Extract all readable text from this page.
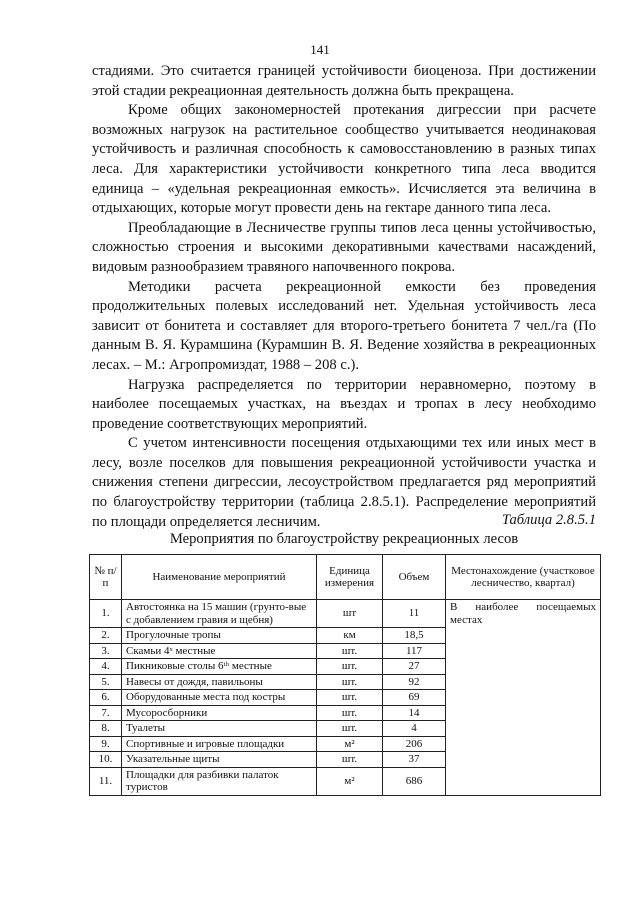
141

стадиями. Это считается границей устойчивости биоценоза. При достижении этой стадии рекреационная деятельность должна быть прекращена.

Кроме общих закономерностей протекания дигрессии при расчете возможных нагрузок на растительное сообщество учитывается неодинаковая устойчивость и различная способность к самовосстановлению в разных типах леса. Для характеристики устойчивости конкретного типа леса вводится единица – «удельная рекреационная емкость». Исчисляется эта величина в отдыхающих, которые могут провести день на гектаре данного типа леса.

Преобладающие в Лесничестве группы типов леса ценны устойчивостью, сложностью строения и высокими декоративными качествами насаждений, видовым разнообразием травяного напочвенного покрова.

Методики расчета рекреационной емкости без проведения продолжительных полевых исследований нет. Удельная устойчивость леса зависит от бонитета и составляет для второго-третьего бонитета 7 чел./га (По данным В. Я. Курамшина (Курамшин В. Я. Ведение хозяйства в рекреационных лесах. – М.: Агропромиздат, 1988 – 208 с.).

Нагрузка распределяется по территории неравномерно, поэтому в наиболее посещаемых участках, на въездах и тропах в лесу необходимо проведение соответствующих мероприятий.

С учетом интенсивности посещения отдыхающими тех или иных мест в лесу, возле поселков для повышения рекреационной устойчивости участка и снижения степени дигрессии, лесоустройством предлагается ряд мероприятий по благоустройству территории (таблица 2.8.5.1). Распределение мероприятий по площади определяется лесничим.	Таблица 2.8.5.1
Мероприятия по благоустройству рекреационных лесов
№ п/п	Наименование мероприятий	Единица измерения	Объем	Местонахождение (участковое лесничество, квартал)
1.	Автостоянка на 15 машин (грунто-вые с добавлением гравия и щебня)	шт	11	В наиболее посещаемых местах
2.	Прогулочные тропы	км	18,5	
3.	Скамьи 4ˣ местные	шт.	117	
4.	Пикниковые столы 6ᵗʰ местные	шт.	27	
5.	Навесы от дождя, павильоны	шт.	92	
6.	Оборудованные места под костры	шт.	69	
7.	Мусоросборники	шт.	14	
8.	Туалеты	шт.	4	
9.	Спортивные и игровые площадки	м²	206	
10.	Указательные щиты	шт.	37	
11.	Площадки для разбивки палаток туристов	м²	686	
